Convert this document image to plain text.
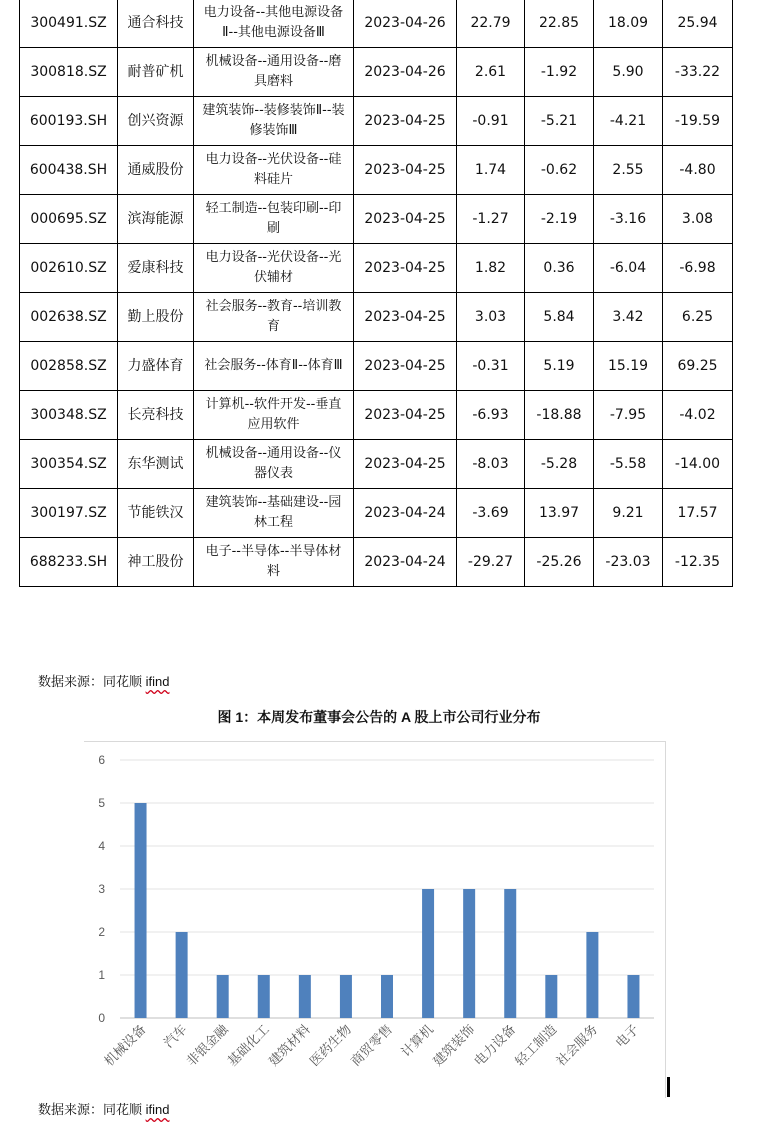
300491.SZ	通合科技	电力设备--其他电源设备Ⅱ--其他电源设备Ⅲ	2023-04-26	22.79	22.85	18.09	25.94
300818.SZ	耐普矿机	机械设备--通用设备--磨具磨料	2023-04-26	2.61	-1.92	5.90	-33.22
600193.SH	创兴资源	建筑装饰--装修装饰Ⅱ--装修装饰Ⅲ	2023-04-25	-0.91	-5.21	-4.21	-19.59
600438.SH	通威股份	电力设备--光伏设备--硅料硅片	2023-04-25	1.74	-0.62	2.55	-4.80
000695.SZ	滨海能源	轻工制造--包装印刷--印刷	2023-04-25	-1.27	-2.19	-3.16	3.08
002610.SZ	爱康科技	电力设备--光伏设备--光伏辅材	2023-04-25	1.82	0.36	-6.04	-6.98
002638.SZ	勤上股份	社会服务--教育--培训教育	2023-04-25	3.03	5.84	3.42	6.25
002858.SZ	力盛体育	社会服务--体育Ⅱ--体育Ⅲ	2023-04-25	-0.31	5.19	15.19	69.25
300348.SZ	长亮科技	计算机--软件开发--垂直应用软件	2023-04-25	-6.93	-18.88	-7.95	-4.02
300354.SZ	东华测试	机械设备--通用设备--仪器仪表	2023-04-25	-8.03	-5.28	-5.58	-14.00
300197.SZ	节能铁汉	建筑装饰--基础建设--园林工程	2023-04-24	-3.69	13.97	9.21	17.57
688233.SH	神工股份	电子--半导体--半导体材料	2023-04-24	-29.27	-25.26	-23.03	-12.35
数据来源：同花顺 ifind
图 1：本周发布董事会公告的 A 股上市公司行业分布
0
1
2
3
4
5
6
机械设备 汽车
非银金融
基础化工
建筑材料
医药生物
商贸零售 计算机
建筑装饰
电力设备
轻工制造
社会服务 电子
数据来源：同花顺 ifind
